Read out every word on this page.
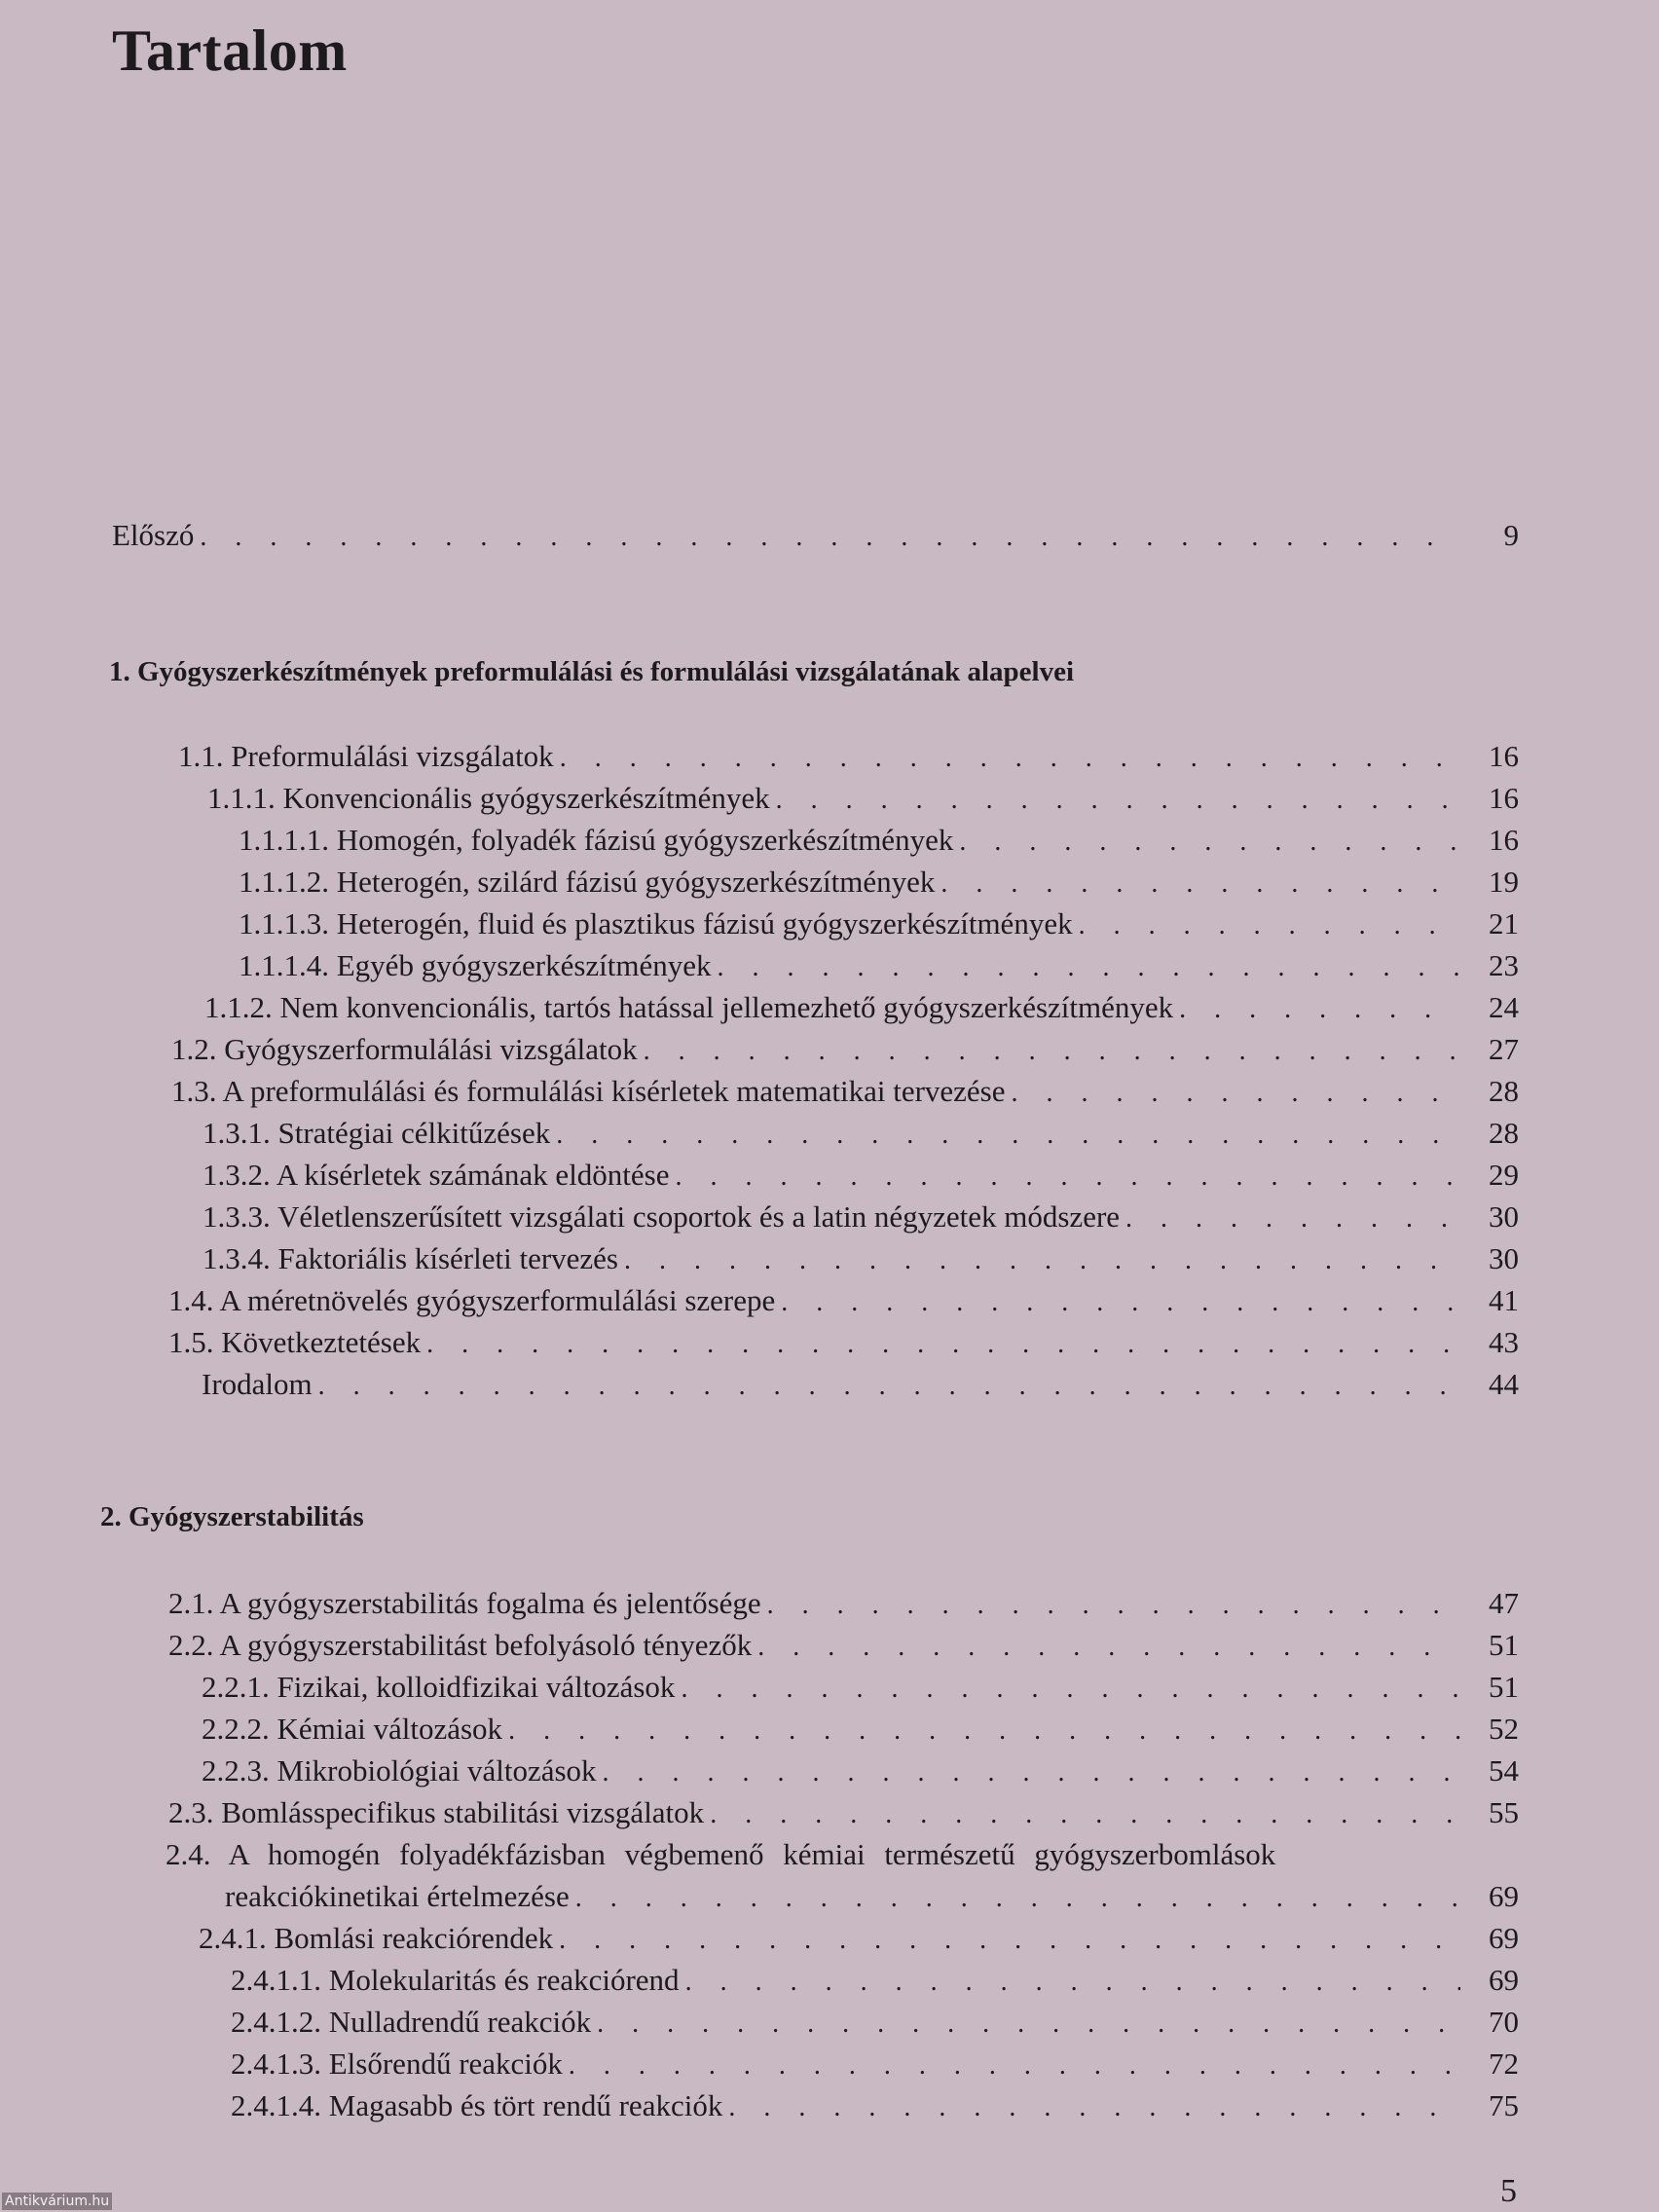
Tartalom
Előszó . . .	9
1. Gyógyszerkészítmények preformulálási és formulálási vizsgálatának alapelvei
1.1. Preformulálási vizsgálatok . . .	16
1.1.1. Konvencionális gyógyszerkészítmények . . .	16
1.1.1.1. Homogén, folyadék fázisú gyógyszerkészítmények . . .	16
1.1.1.2. Heterogén, szilárd fázisú gyógyszerkészítmények . . .	19
1.1.1.3. Heterogén, fluid és plasztikus fázisú gyógyszerkészítmények . . .	21
1.1.1.4. Egyéb gyógyszerkészítmények . . .	23
1.1.2. Nem konvencionális, tartós hatással jellemezhető gyógyszerkészítmények . . .	24
1.2. Gyógyszerformulálási vizsgálatok . . .	27
1.3. A preformulálási és formulálási kísérletek matematikai tervezése . . .	28
1.3.1. Stratégiai célkitűzések . . .	28
1.3.2. A kísérletek számának eldöntése . . .	29
1.3.3. Véletlenszerűsített vizsgálati csoportok és a latin négyzetek módszere . . .	30
1.3.4. Faktoriális kísérleti tervezés . . .	30
1.4. A méretnövelés gyógyszerformulálási szerepe . . .	41
1.5. Következtetések . . .	43
Irodalom . . .	44
2. Gyógyszerstabilitás
2.1. A gyógyszerstabilitás fogalma és jelentősége . . .	47
2.2. A gyógyszerstabilitást befolyásoló tényezők . . .	51
2.2.1. Fizikai, kolloidfizikai változások . . .	51
2.2.2. Kémiai változások . . .	52
2.2.3. Mikrobiológiai változások . . .	54
2.3. Bomlásspecifikus stabilitási vizsgálatok . . .	55
2.4. A homogén folyadékfázisban végbemenő kémiai természetű gyógyszerbomlások
reakciókinetikai értelmezése . . .	69
2.4.1. Bomlási reakciórendek . . .	69
2.4.1.1. Molekularitás és reakciórend . . .	69
2.4.1.2. Nulladrendű reakciók . . .	70
2.4.1.3. Elsőrendű reakciók . . .	72
2.4.1.4. Magasabb és tört rendű reakciók . . .	75
5
Antikvárium.hu
